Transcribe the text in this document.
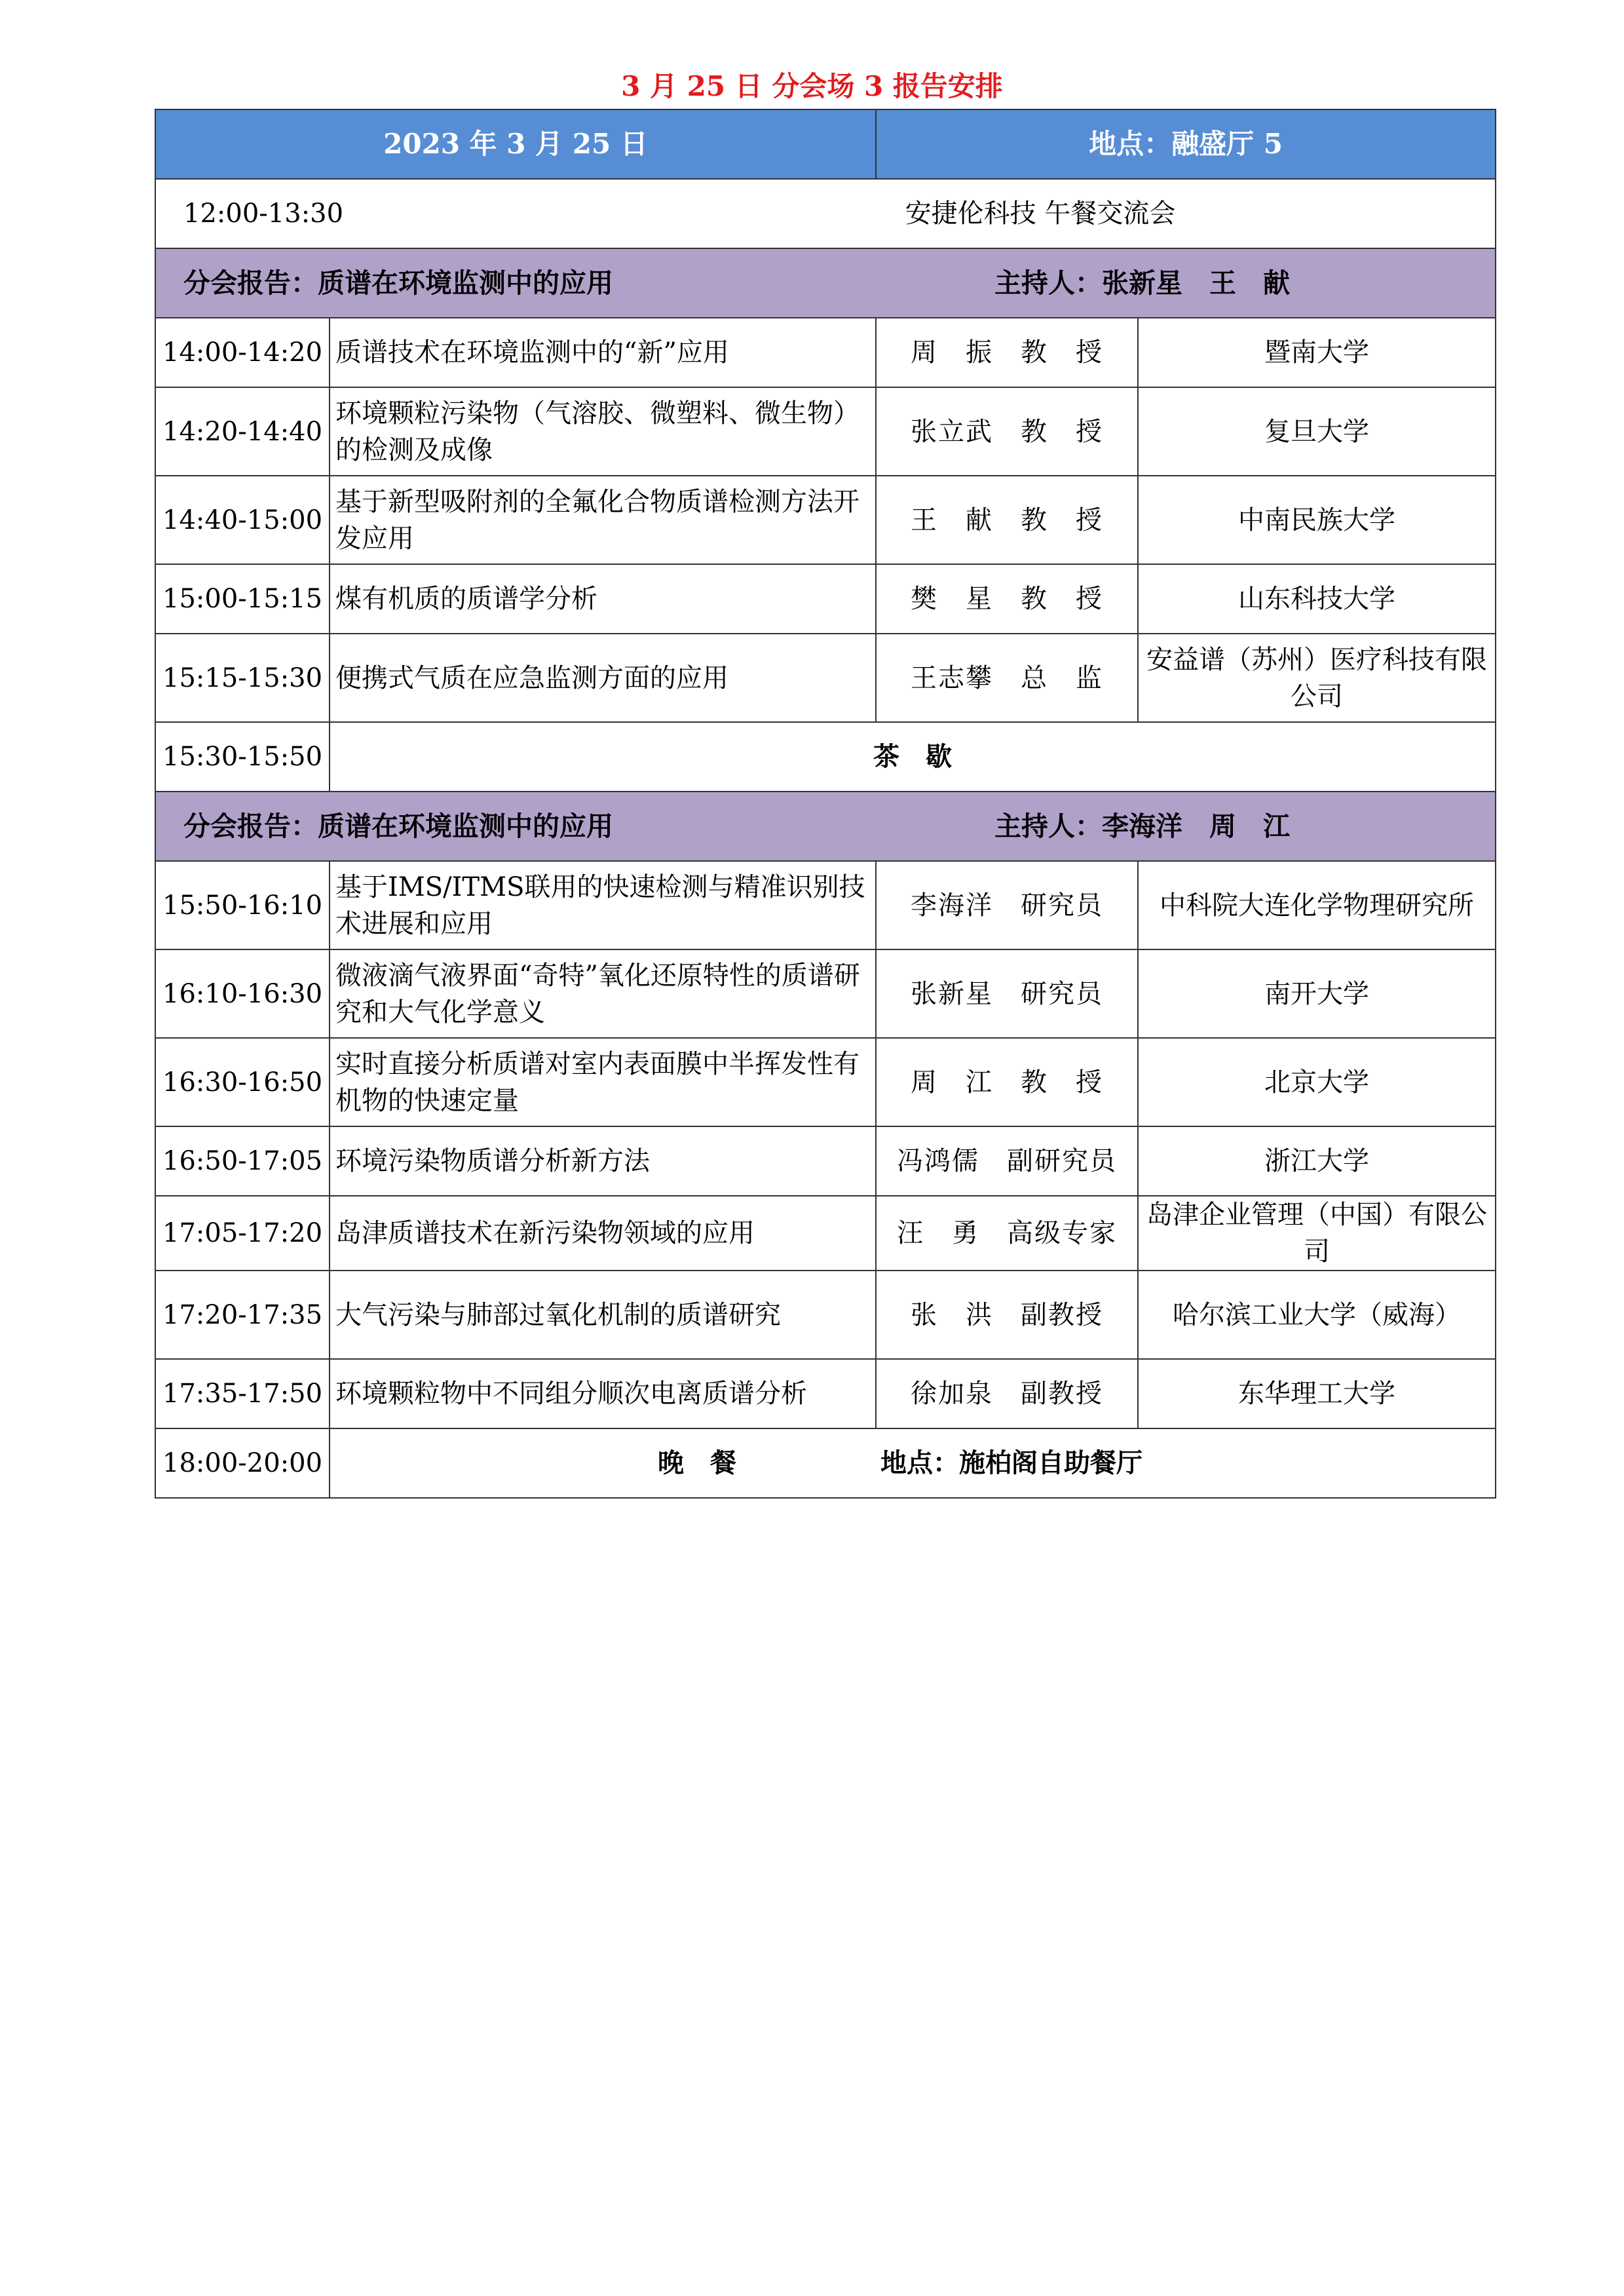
3 月 25 日 分会场 3 报告安排
2023 年 3 月 25 日		地点：融盛厅 5	

12:00-13:30 安捷伦科技 午餐交流会			

分会报告：质谱在环境监测中的应用 主持人：张新星　王　献			

14:00-14:20	质谱技术在环境监测中的“新”应用	周　振　教　授	暨南大学
14:20-14:40	环境颗粒污染物（气溶胶、微塑料、微生物）的检测及成像	张立武　教　授	复旦大学
14:40-15:00	基于新型吸附剂的全氟化合物质谱检测方法开发应用	王　献　教　授	中南民族大学
15:00-15:15	煤有机质的质谱学分析	樊　星　教　授	山东科技大学
15:15-15:30	便携式气质在应急监测方面的应用	王志攀　总　监	安益谱（苏州）医疗科技有限公司
15:30-15:50	茶　歇		

分会报告：质谱在环境监测中的应用 主持人：李海洋　周　江			

15:50-16:10	基于IMS/ITMS联用的快速检测与精准识别技术进展和应用	李海洋　研究员	中科院大连化学物理研究所
16:10-16:30	微液滴气液界面“奇特”氧化还原特性的质谱研究和大气化学意义	张新星　研究员	南开大学
16:30-16:50	实时直接分析质谱对室内表面膜中半挥发性有机物的快速定量	周　江　教　授	北京大学
16:50-17:05	环境污染物质谱分析新方法	冯鸿儒　副研究员	浙江大学
17:05-17:20	岛津质谱技术在新污染物领域的应用	汪　勇　高级专家	岛津企业管理（中国）有限公司
17:20-17:35	大气污染与肺部过氧化机制的质谱研究	张　洪　副教授	哈尔滨工业大学（威海）
17:35-17:50	环境颗粒物中不同组分顺次电离质谱分析	徐加泉　副教授	东华理工大学
18:00-20:00	晚　餐 地点：施柏阁自助餐厅		
